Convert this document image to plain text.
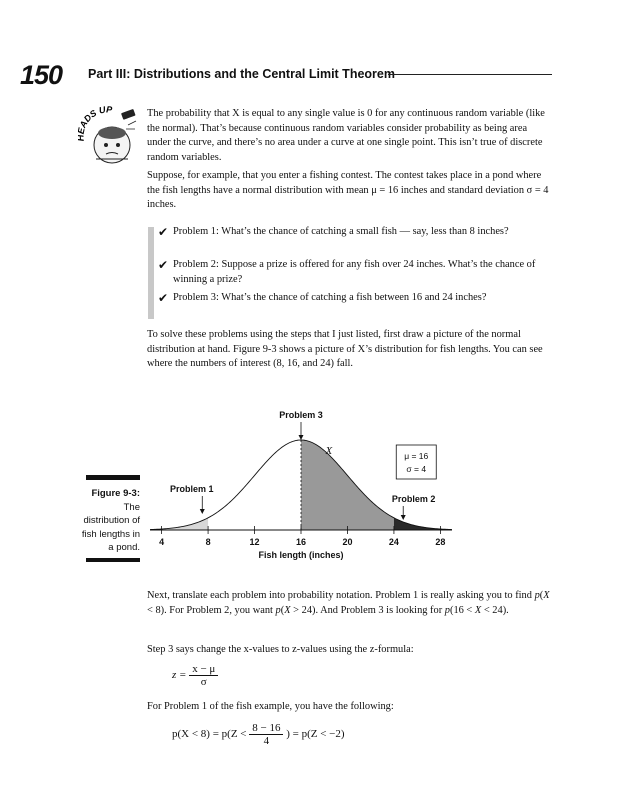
150 Part III: Distributions and the Central Limit Theorem
ADS UP	The probability that X is equal to any single value is 0 for any continuous random variable (like the normal). That’s because continuous random variables consider probability as being area under the curve, and there’s no area under a curve at one single point. This isn’t true of discrete random variables.

Suppose, for example, that you enter a fishing contest. The contest takes place in a pond where the fish lengths have a normal distribution with mean μ = 16 inches and standard deviation σ = 4 inches.

✔ Problem 1: What’s the chance of catching a small fish — say, less than 8 inches?
✔ Problem 2: Suppose a prize is offered for any fish over 24 inches. What’s the chance of winning a prize?
✔ Problem 3: What’s the chance of catching a fish between 16 and 24 inches?

To solve these problems using the steps that I just listed, first draw a picture of the normal distribution at hand. Figure 9-3 shows a picture of X’s distribution for fish lengths. You can see where the numbers of interest (8, 16, and 24) fall.

Figure 9-3:
The distribution of fish lengths in a pond. 4	8	12	16	20	24	28
Fish length (inches)
X	μ = 16
σ = 4
Problem 3
Problem 1
Problem 2

Next, translate each problem into probability notation. Problem 1 is really asking you to find p(X < 8). For Problem 2, you want p(X > 24). And Problem 3 is looking for p(16 < X < 24).

Step 3 says change the x-values to z-values using the z-formula:

$z = \frac{x - \mu}{\sigma}$

For Problem 1 of the fish example, you have the following:

$p(X < 8) = p(Z < \frac{8 - 16}{4}$ ) = p(Z < −2)
